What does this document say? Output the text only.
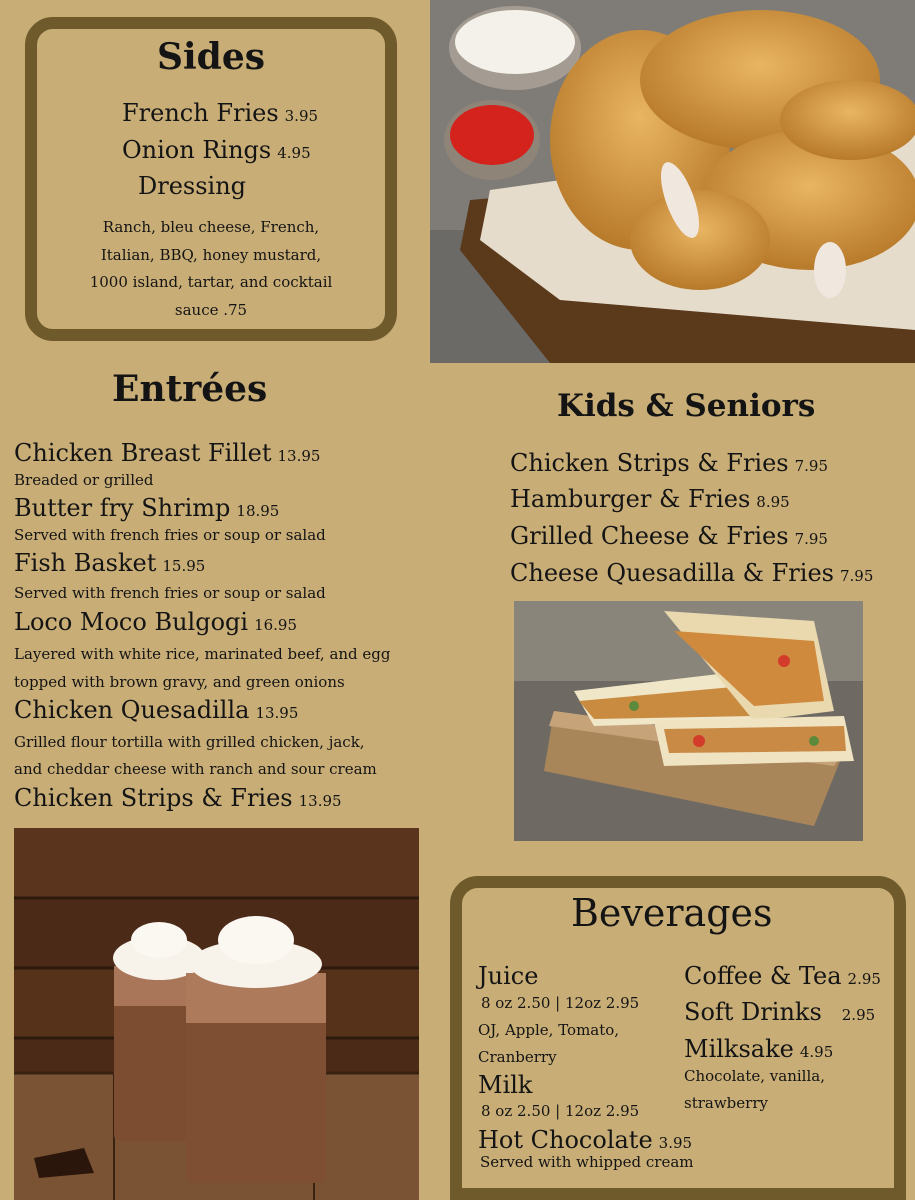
Sides
French Fries 3.95
Onion Rings 4.95
Dressing
Ranch, bleu cheese, French,
Italian, BBQ, honey mustard,
1000 island, tartar, and cocktail
sauce .75
Entrées
Chicken Breast Fillet 13.95
Breaded or grilled
Butter fry Shrimp 18.95
Served with french fries or soup or salad
Fish Basket 15.95
Served with french fries or soup or salad
Loco Moco Bulgogi 16.95
Layered with white rice, marinated beef, and egg
topped with brown gravy, and green onions
Chicken Quesadilla 13.95
Grilled flour tortilla with grilled chicken, jack,
and cheddar cheese with ranch and sour cream
Chicken Strips & Fries 13.95
Kids & Seniors
Chicken Strips & Fries 7.95
Hamburger & Fries 8.95
Grilled Cheese & Fries 7.95
Cheese Quesadilla & Fries 7.95
Beverages
Juice
8 oz 2.50 | 12oz 2.95
OJ, Apple, Tomato,
Cranberry
Milk
8 oz 2.50 | 12oz 2.95
Hot Chocolate 3.95
Served with whipped cream
Coffee & Tea 2.95
Soft Drinks 2.95
Milksake 4.95
Chocolate, vanilla,
strawberry
